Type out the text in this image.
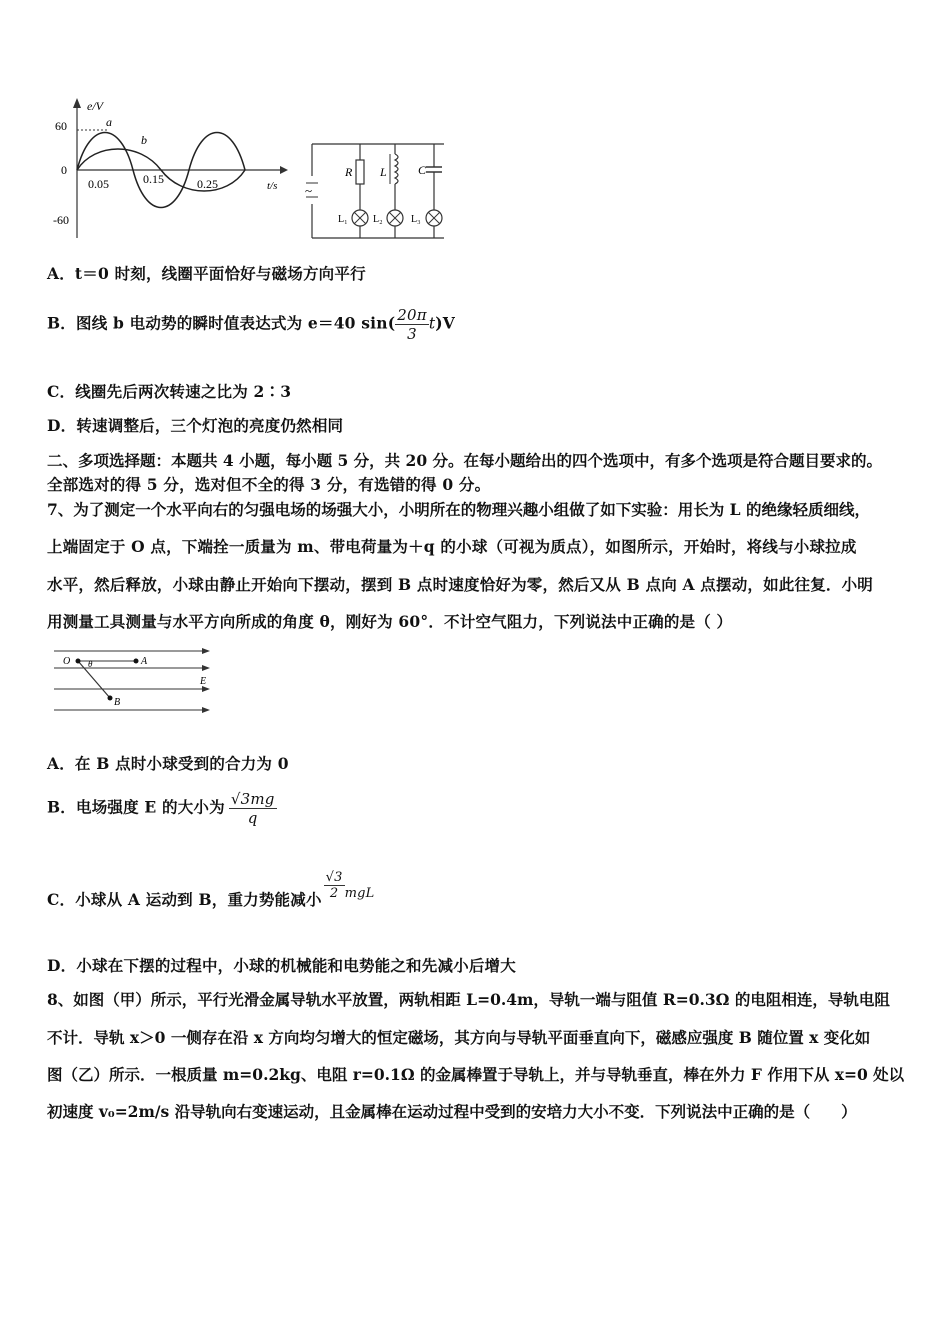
e/V
t/s
60
0
-60
0.05	0.15	0.25
a
b
~
R L	C
L₁	L₂	L₃
A．t＝0 时刻，线圈平面恰好与磁场方向平行
B．图线 b 电动势的瞬时值表达式为 e＝40 $\sin( \frac{20\pi}{3} t)V$
C．线圈先后两次转速之比为 2∶3
D．转速调整后，三个灯泡的亮度仍然相同
二、多项选择题：本题共 4 小题，每小题 5 分，共 20 分。在每小题给出的四个选项中，有多个选项是符合题目要求的。
全部选对的得 5 分，选对但不全的得 3 分，有选错的得 0 分。
7、为了测定一个水平向右的匀强电场的场强大小，小明所在的物理兴趣小组做了如下实验：用长为 L 的绝缘轻质细线，
上端固定于 O 点，下端拴一质量为 m、带电荷量为＋q 的小球（可视为质点），如图所示，开始时，将线与小球拉成
水平，然后释放，小球由静止开始向下摆动，摆到 B 点时速度恰好为零，然后又从 B 点向 A 点摆动，如此往复．小明
用测量工具测量与水平方向所成的角度 θ，刚好为 60°．不计空气阻力，下列说法中正确的是（ ）
O θ	A
B
E
A．在 B 点时小球受到的合力为 0
B．电场强度 E 的大小为 $\frac{√3mg}{q}$
C．小球从 A 运动到 B，重力势能减小 $\frac{√3}{2} ^{mgL}$
D．小球在下摆的过程中，小球的机械能和电势能之和先减小后增大
8、如图（甲）所示，平行光滑金属导轨水平放置，两轨相距 L=0.4m，导轨一端与阻值 R=0.3Ω 的电阻相连，导轨电阻
不计．导轨 x＞0 一侧存在沿 x 方向均匀增大的恒定磁场，其方向与导轨平面垂直向下，磁感应强度 B 随位置 x 变化如
图（乙）所示．一根质量 m=0.2kg、电阻 r=0.1Ω 的金属棒置于导轨上，并与导轨垂直，棒在外力 F 作用下从 x=0 处以
初速度 v₀=2m/s 沿导轨向右变速运动，且金属棒在运动过程中受到的安培力大小不变．下列说法中正确的是（　　）
